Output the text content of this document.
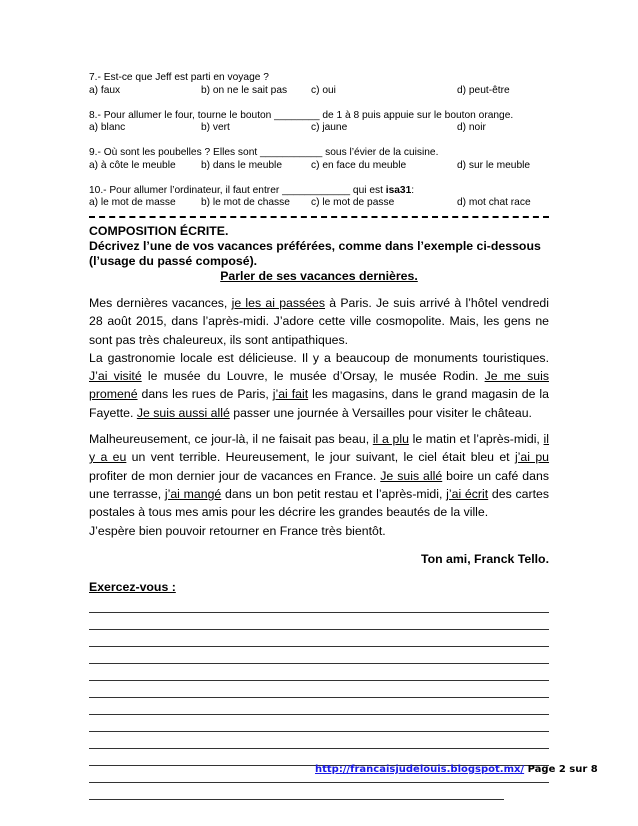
7.- Est-ce que Jeff est parti en voyage ?
a) faux	b) on ne le sait pas c) oui	d) peut-être
8.- Pour allumer le four, tourne le bouton ________ de 1 à 8 puis appuie sur le bouton orange.
a) blanc	b) vert	c) jaune	d) noir
9.- Où sont les poubelles ? Elles sont ___________ sous l’évier de la cuisine.
a) à côte le meuble b) dans le meuble	c) en face du meuble	d) sur le meuble
10.- Pour allumer l’ordinateur, il faut entrer ____________ qui est isa31:
a) le mot de masse b) le mot de chasse c) le mot de passe	d) mot chat race
COMPOSITION ÉCRITE.
Décrivez l’une de vos vacances préférées, comme dans l’exemple ci-dessous (l’usage du passé composé).
Parler de ses vacances dernières.

Mes dernières vacances, je les ai passées à Paris. Je suis arrivé à l’hôtel vendredi 28 août 2015, dans l’après-midi. J’adore cette ville cosmopolite. Mais, les gens ne sont pas très chaleureux, ils sont antipathiques.

La gastronomie locale est délicieuse. Il y a beaucoup de monuments touristiques. J’ai visité le musée du Louvre, le musée d’Orsay, le musée Rodin. Je me suis promené dans les rues de Paris, j’ai fait les magasins, dans le grand magasin de la Fayette. Je suis aussi allé passer une journée à Versailles pour visiter le château.

Malheureusement, ce jour-là, il ne faisait pas beau, il a plu le matin et l’après-midi, il y a eu un vent terrible. Heureusement, le jour suivant, le ciel était bleu et j’ai pu profiter de mon dernier jour de vacances en France. Je suis allé boire un café dans une terrasse, j’ai mangé dans un bon petit restau et l’après-midi, j’ai écrit des cartes postales à tous mes amis pour les décrire les grandes beautés de la ville.

J’espère bien pouvoir retourner en France très bientôt.

Ton ami, Franck Tello.
Exercez-vous :
http://francaisjudelouis.blogspot.mx/ Page 2 sur 8
